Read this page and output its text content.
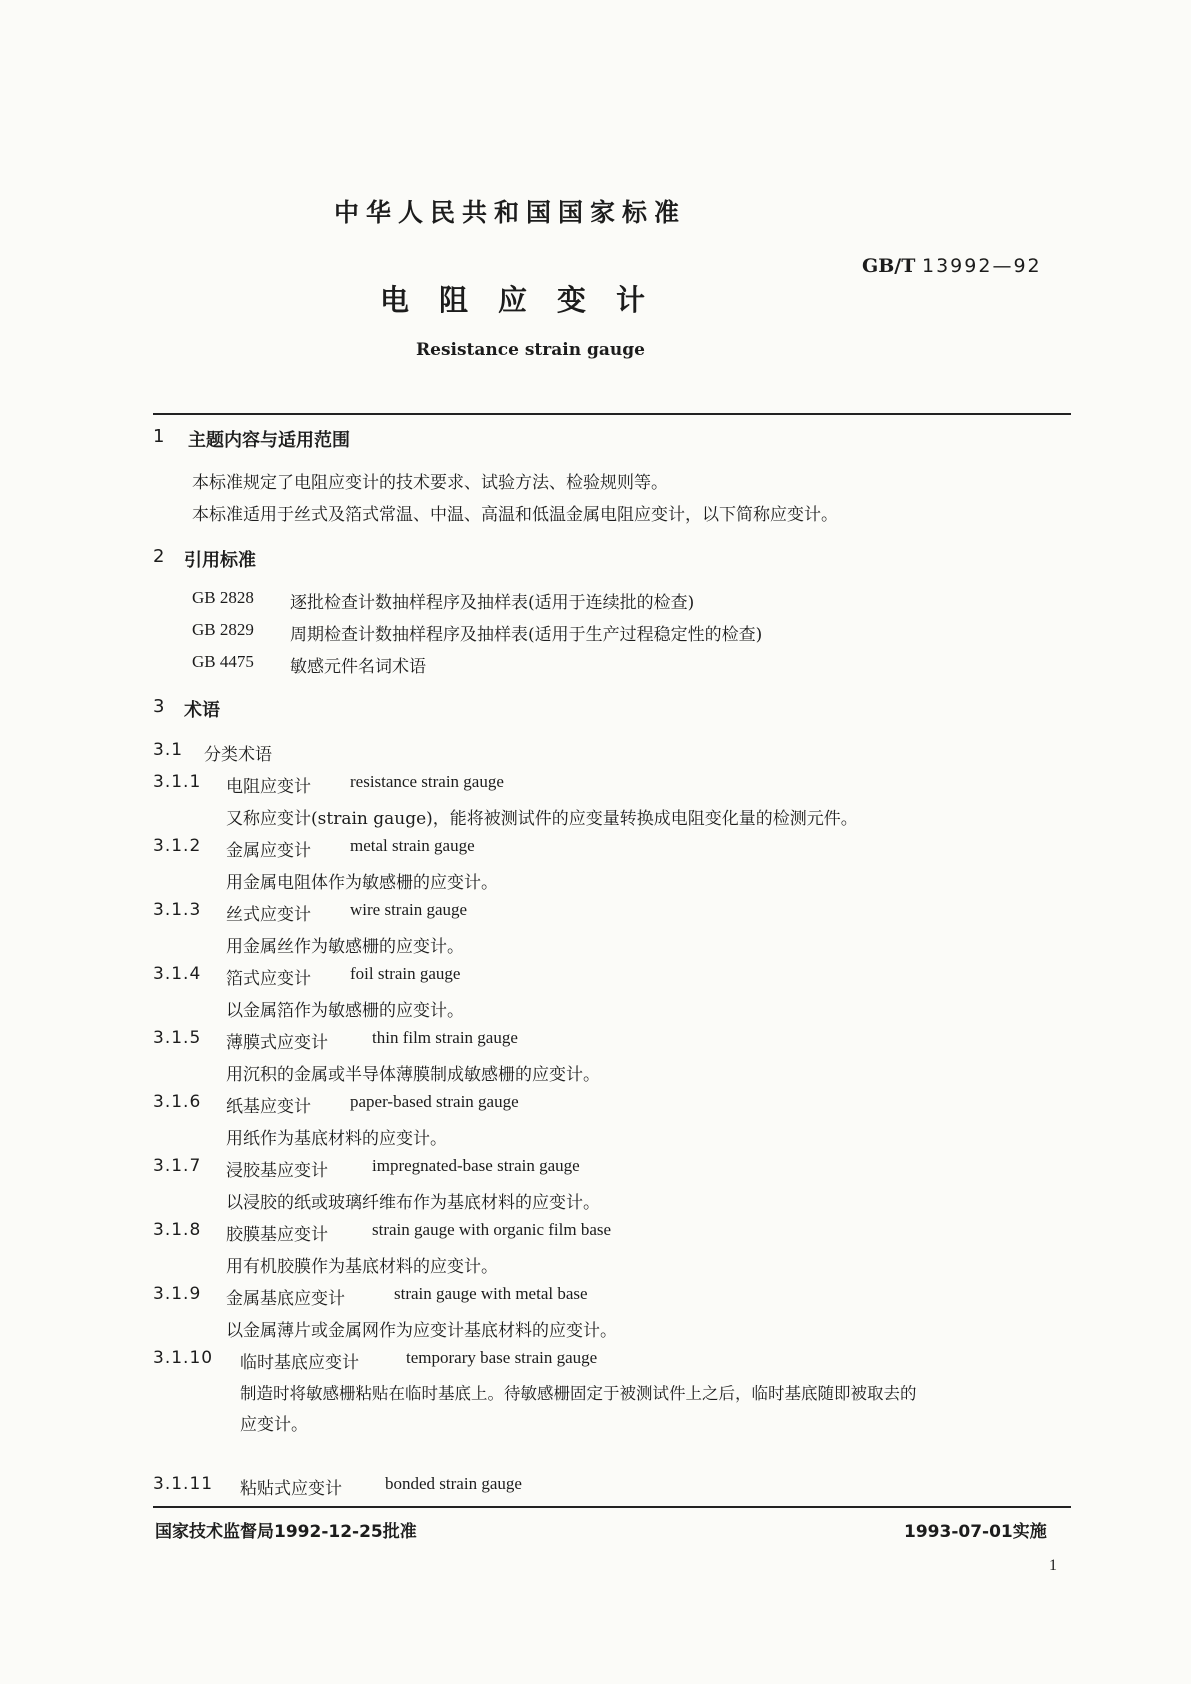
中华人民共和国国家标准
GB/T 13992—92
电阻应变计
Resistance strain gauge
1 主题内容与适用范围
本标准规定了电阻应变计的技术要求、试验方法、检验规则等。
本标准适用于丝式及箔式常温、中温、高温和低温金属电阻应变计，以下简称应变计。
2 引用标准
GB 2828 逐批检查计数抽样程序及抽样表(适用于连续批的检查)
GB 2829 周期检查计数抽样程序及抽样表(适用于生产过程稳定性的检查)
GB 4475 敏感元件名词术语
3 术语
3.1 分类术语
3.1.1 电阻应变计 resistance strain gauge
又称应变计(strain gauge)，能将被测试件的应变量转换成电阻变化量的检测元件。
3.1.2 金属应变计 metal strain gauge
用金属电阻体作为敏感栅的应变计。
3.1.3 丝式应变计 wire strain gauge
用金属丝作为敏感栅的应变计。
3.1.4 箔式应变计 foil strain gauge
以金属箔作为敏感栅的应变计。
3.1.5 薄膜式应变计	thin film strain gauge
用沉积的金属或半导体薄膜制成敏感栅的应变计。
3.1.6 纸基应变计 paper-based strain gauge
用纸作为基底材料的应变计。
3.1.7 浸胶基应变计	impregnated-base strain gauge
以浸胶的纸或玻璃纤维布作为基底材料的应变计。
3.1.8 胶膜基应变计	strain gauge with organic film base
用有机胶膜作为基底材料的应变计。
3.1.9 金属基底应变计	strain gauge with metal base
以金属薄片或金属网作为应变计基底材料的应变计。
3.1.10 临时基底应变计	temporary base strain gauge
制造时将敏感栅粘贴在临时基底上。待敏感栅固定于被测试件上之后，临时基底随即被取去的
应变计。
3.1.11 粘贴式应变计	bonded strain gauge
国家技术监督局1992-12-25批准	1993-07-01实施
1
